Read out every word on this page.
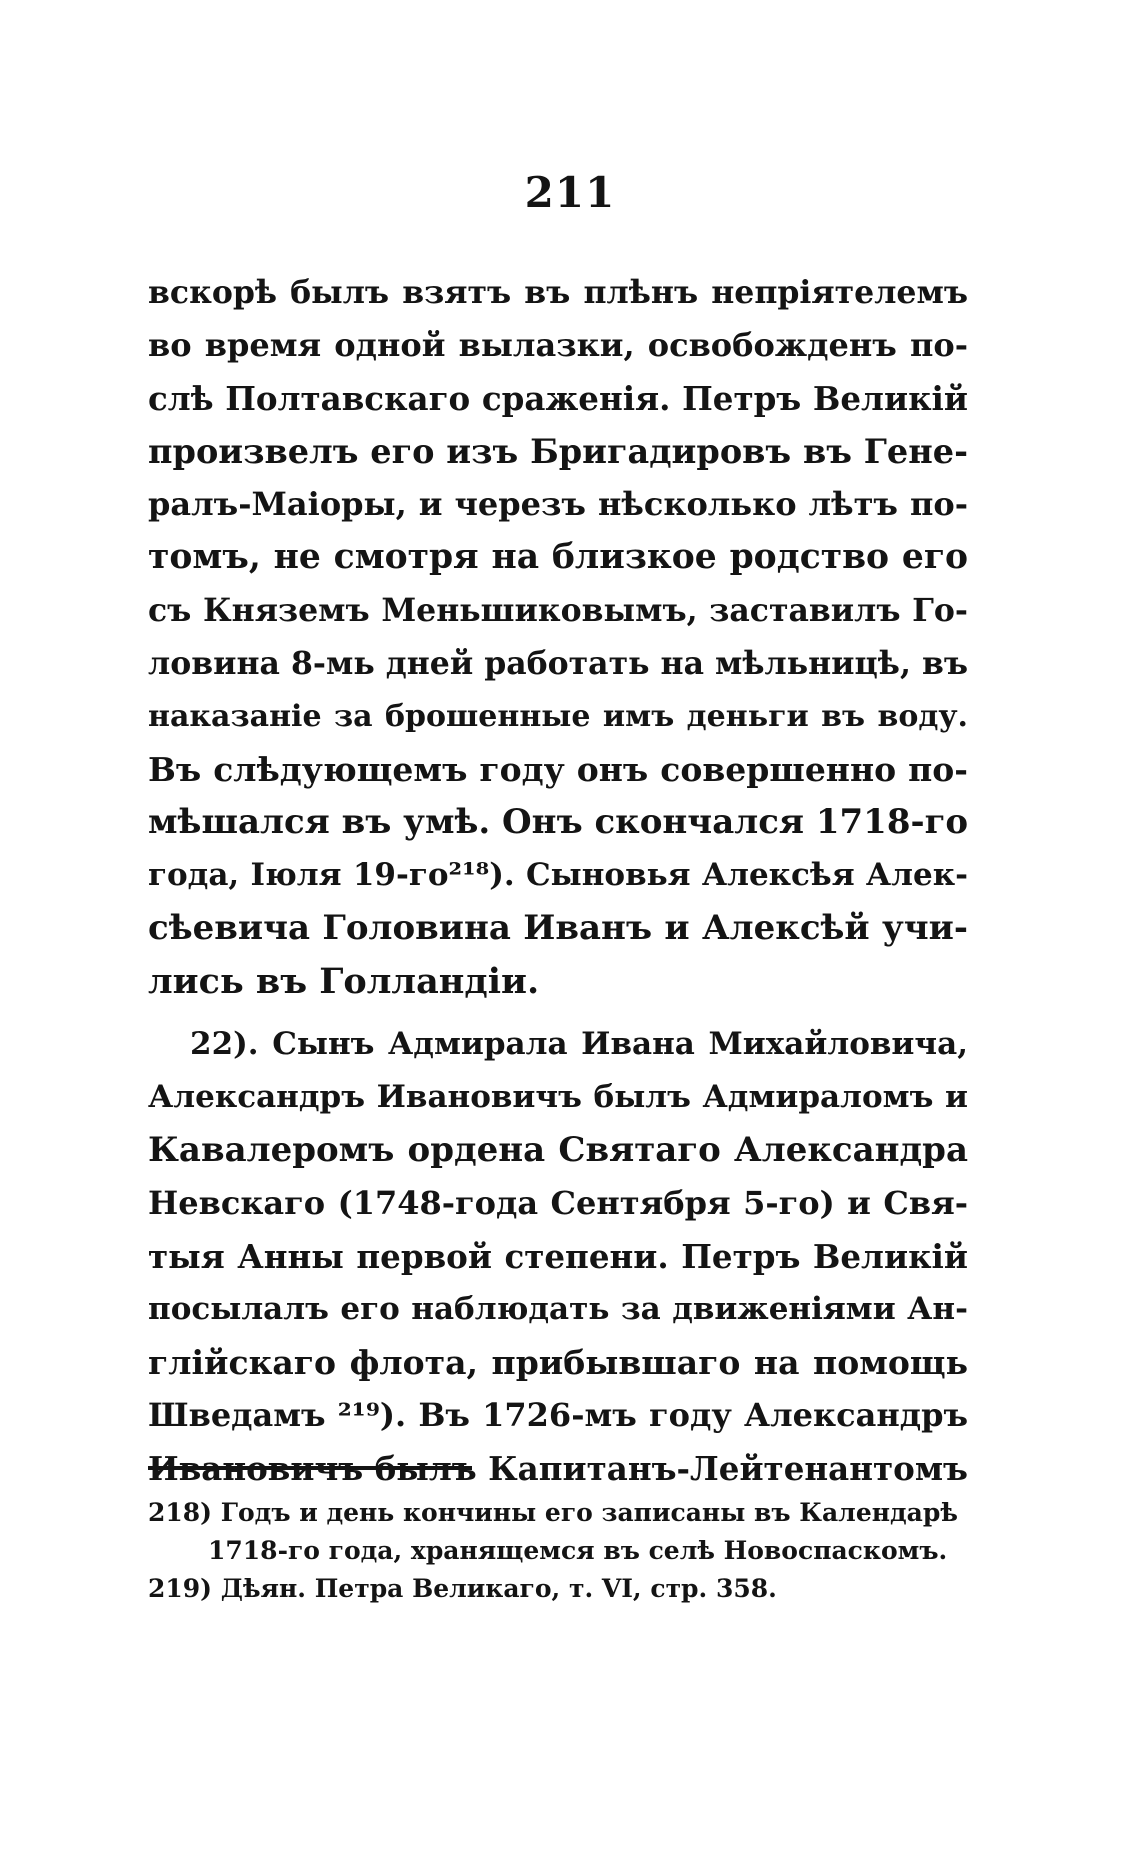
211
вскорѣ былъ взятъ въ плѣнъ непріятелемъ
во время одной вылазки, освобожденъ по-
слѣ Полтавскаго сраженія. Петръ Великій
произвелъ его изъ Бригадировъ въ Гене-
ралъ-Маіоры, и черезъ нѣсколько лѣтъ по-
томъ, не смотря на близкое родство его
съ Княземъ Меньшиковымъ, заставилъ Го-
ловина 8-мь дней работать на мѣльницѣ, въ
наказаніе за брошенные имъ деньги въ воду.
Въ слѣдующемъ году онъ совершенно по-
мѣшался въ умѣ. Онъ скончался 1718-го
года, Іюля 19-го²¹⁸). Сыновья Алексѣя Алек-
сѣевича Головина Иванъ и Алексѣй учи-
лись въ Голландіи.
22). Сынъ Адмирала Ивана Михайловича,
Александръ Ивановичъ былъ Адмираломъ и
Кавалеромъ ордена Святаго Александра
Невскаго (1748-года Сентября 5-го) и Свя-
тыя Анны первой степени. Петръ Великій
посылалъ его наблюдать за движеніями Ан-
глійскаго флота, прибывшаго на помощь
Шведамъ ²¹⁹). Въ 1726-мъ году Александръ
Ивановичъ былъ Капитанъ-Лейтенантомъ
218) Годъ и день кончины его записаны въ Календарѣ
1718-го года, хранящемся въ селѣ Новоспаскомъ.
219) Дѣян. Петра Великаго, т. VI, стр. 358.
